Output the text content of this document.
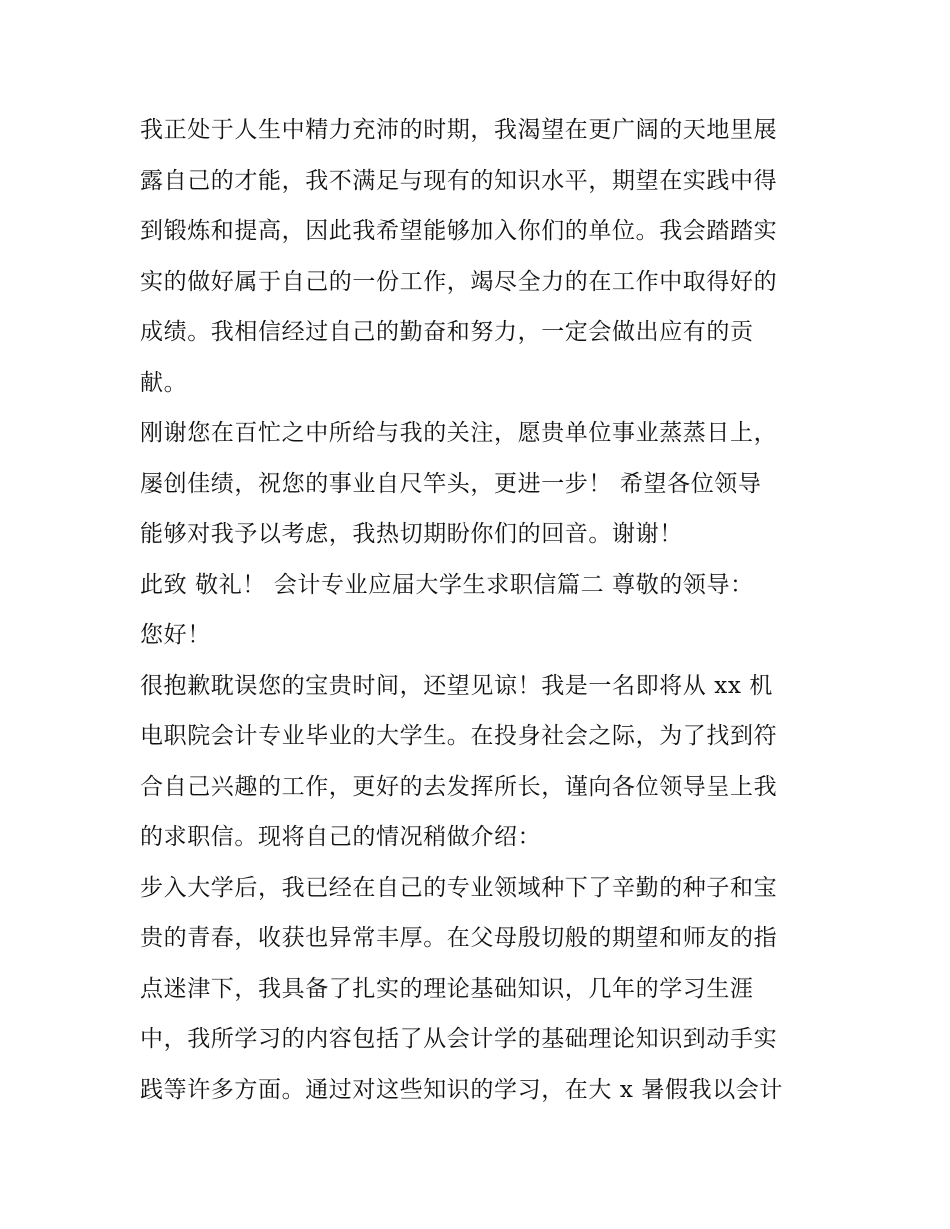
我正处于人生中精力充沛的时期，我渴望在更广阔的天地里展
露自己的才能，我不满足与现有的知识水平，期望在实践中得
到锻炼和提高，因此我希望能够加入你们的单位。我会踏踏实
实的做好属于自己的一份工作，竭尽全力的在工作中取得好的
成绩。我相信经过自己的勤奋和努力，一定会做出应有的贡
献。
刚谢您在百忙之中所给与我的关注，愿贵单位事业蒸蒸日上，
屡创佳绩，祝您的事业自尺竿头，更进一步！ 希望各位领导
能够对我予以考虑，我热切期盼你们的回音。谢谢！
此致 敬礼！ 会计专业应届大学生求职信篇二 尊敬的领导：
您好！
很抱歉耽误您的宝贵时间，还望见谅！我是一名即将从 xx 机
电职院会计专业毕业的大学生。在投身社会之际，为了找到符
合自己兴趣的工作，更好的去发挥所长，谨向各位领导呈上我
的求职信。现将自己的情况稍做介绍：
步入大学后，我已经在自己的专业领域种下了辛勤的种子和宝
贵的青春，收获也异常丰厚。在父母殷切般的期望和师友的指
点迷津下，我具备了扎实的理论基础知识，几年的学习生涯
中，我所学习的内容包括了从会计学的基础理论知识到动手实
践等许多方面。通过对这些知识的学习，在大 x 暑假我以会计
